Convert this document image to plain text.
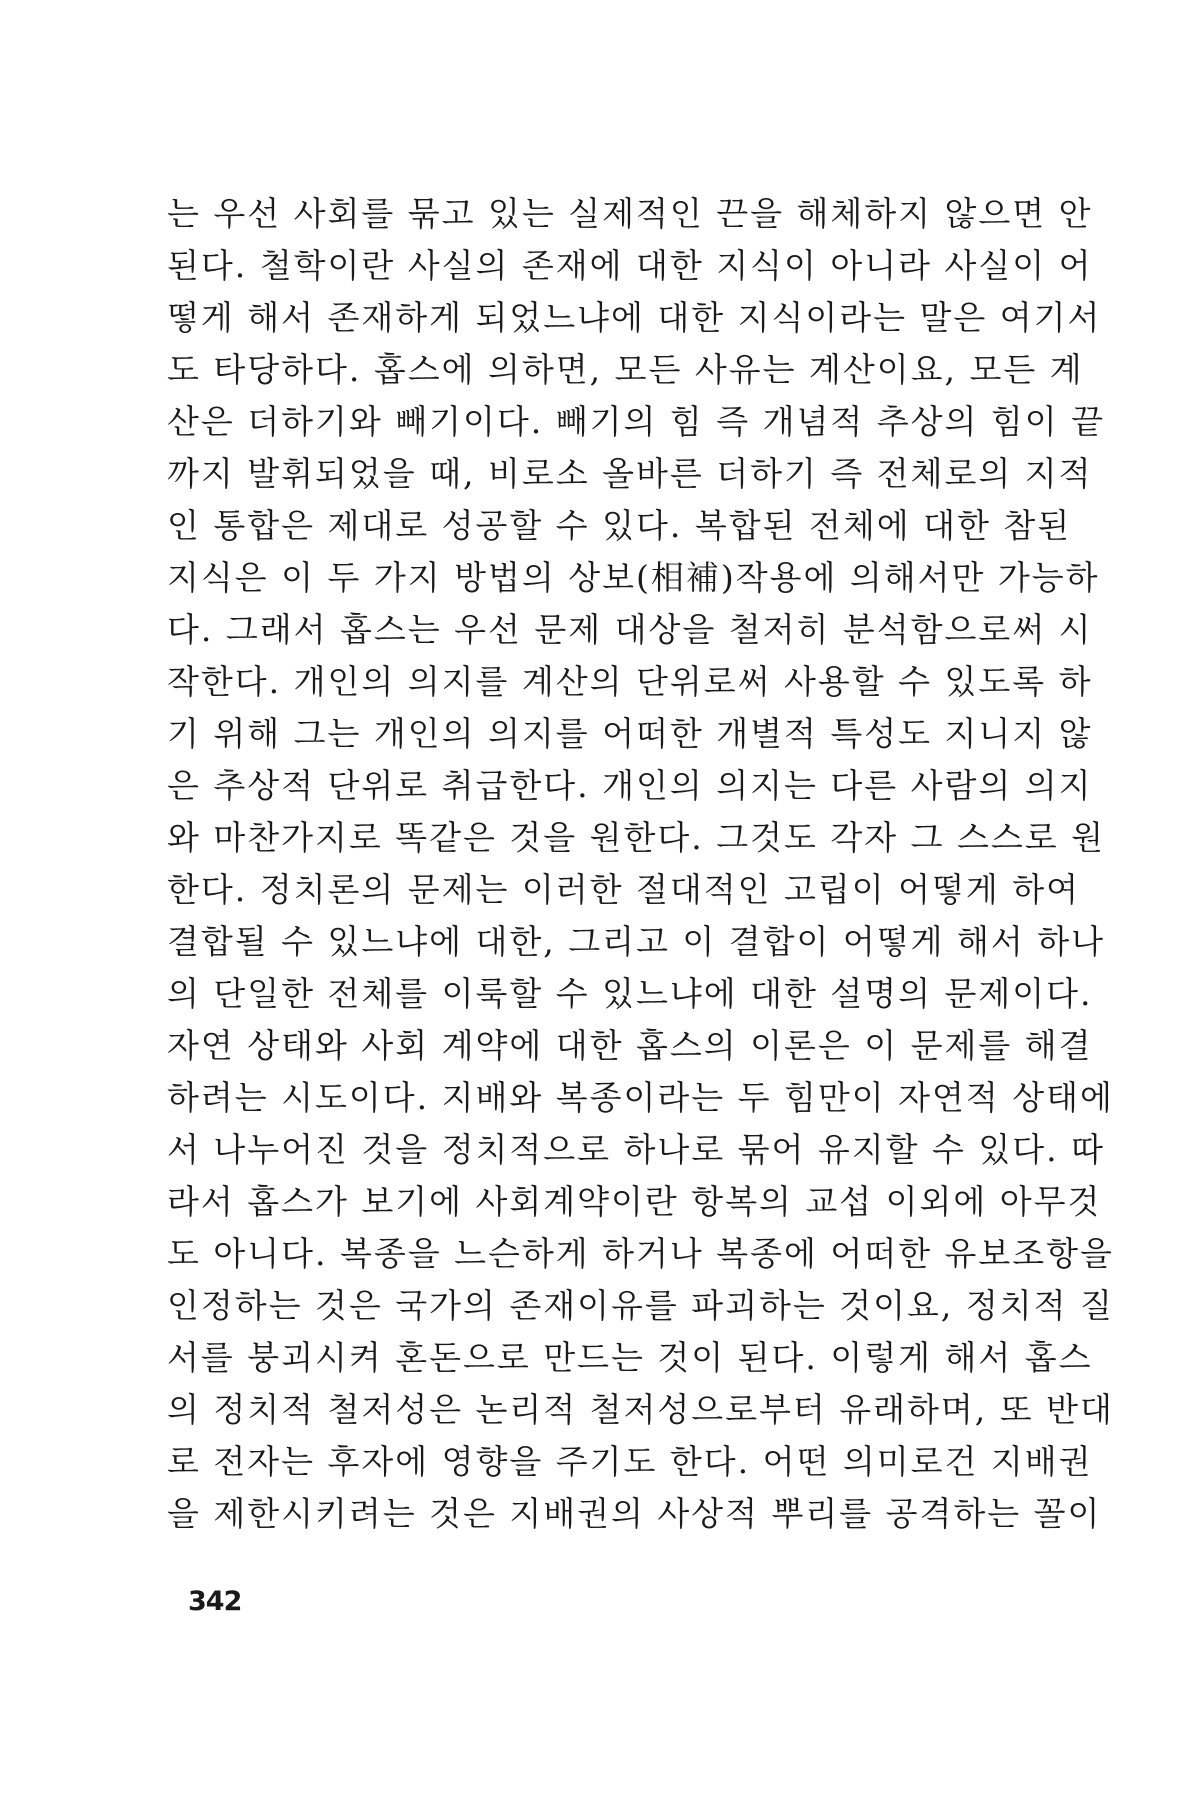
는 우선 사회를 묶고 있는 실제적인 끈을 해체하지 않으면 안
된다. 철학이란 사실의 존재에 대한 지식이 아니라 사실이 어
떻게 해서 존재하게 되었느냐에 대한 지식이라는 말은 여기서
도 타당하다. 홉스에 의하면, 모든 사유는 계산이요, 모든 계
산은 더하기와 빼기이다. 빼기의 힘 즉 개념적 추상의 힘이 끝
까지 발휘되었을 때, 비로소 올바른 더하기 즉 전체로의 지적
인 통합은 제대로 성공할 수 있다. 복합된 전체에 대한 참된
지식은 이 두 가지 방법의 상보(相補)작용에 의해서만 가능하
다. 그래서 홉스는 우선 문제 대상을 철저히 분석함으로써 시
작한다. 개인의 의지를 계산의 단위로써 사용할 수 있도록 하
기 위해 그는 개인의 의지를 어떠한 개별적 특성도 지니지 않
은 추상적 단위로 취급한다. 개인의 의지는 다른 사람의 의지
와 마찬가지로 똑같은 것을 원한다. 그것도 각자 그 스스로 원
한다. 정치론의 문제는 이러한 절대적인 고립이 어떻게 하여
결합될 수 있느냐에 대한, 그리고 이 결합이 어떻게 해서 하나
의 단일한 전체를 이룩할 수 있느냐에 대한 설명의 문제이다.
자연 상태와 사회 계약에 대한 홉스의 이론은 이 문제를 해결
하려는 시도이다. 지배와 복종이라는 두 힘만이 자연적 상태에
서 나누어진 것을 정치적으로 하나로 묶어 유지할 수 있다. 따
라서 홉스가 보기에 사회계약이란 항복의 교섭 이외에 아무것
도 아니다. 복종을 느슨하게 하거나 복종에 어떠한 유보조항을
인정하는 것은 국가의 존재이유를 파괴하는 것이요, 정치적 질
서를 붕괴시켜 혼돈으로 만드는 것이 된다. 이렇게 해서 홉스
의 정치적 철저성은 논리적 철저성으로부터 유래하며, 또 반대
로 전자는 후자에 영향을 주기도 한다. 어떤 의미로건 지배권
을 제한시키려는 것은 지배권의 사상적 뿌리를 공격하는 꼴이
342
